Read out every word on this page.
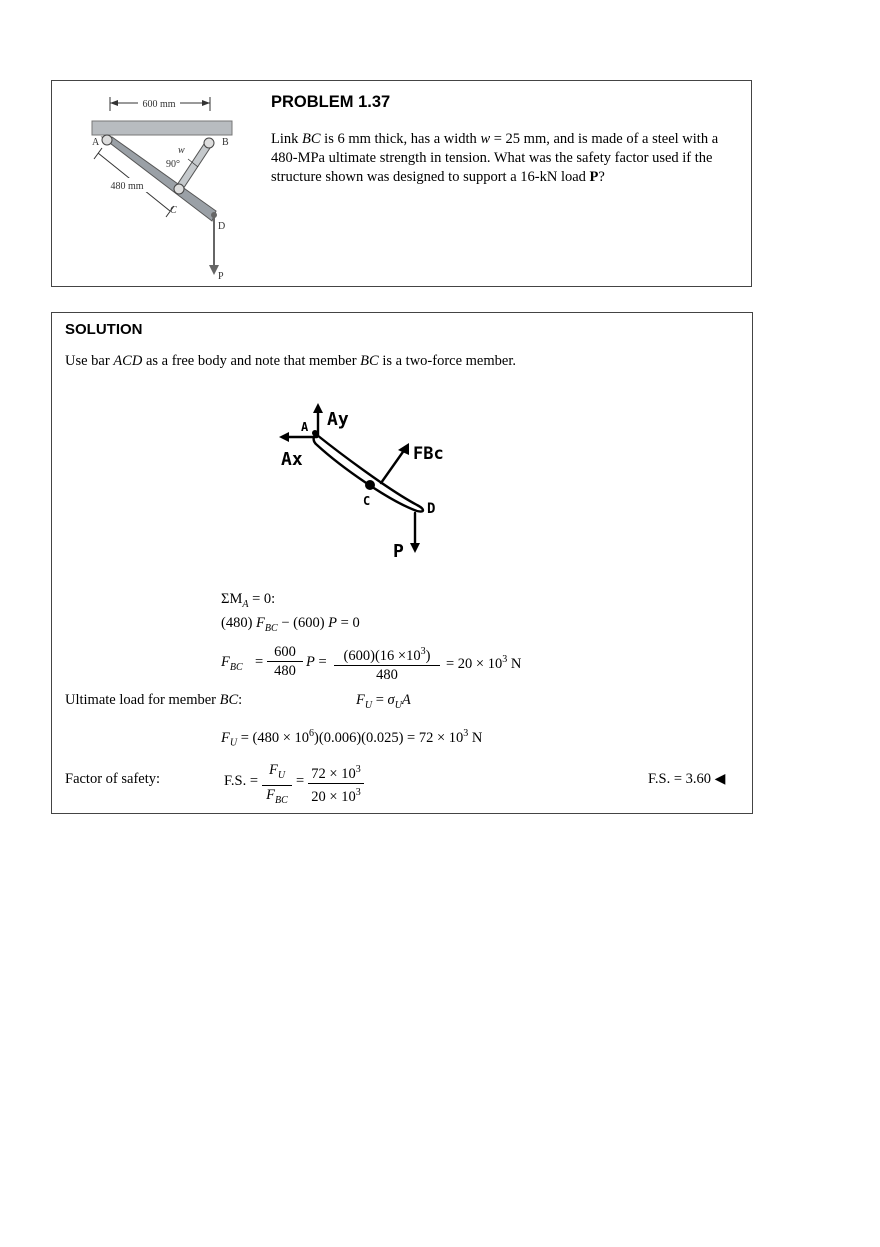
600 mm
480 mm
90°
w
A	B
C
D
P
PROBLEM 1.37
Link BC is 6 mm thick, has a width w = 25 mm, and is made of a steel with a 480-MPa ultimate strength in tension. What was the safety factor used if the structure shown was designed to support a 16-kN load P?
SOLUTION
Use bar ACD as a free body and note that member BC is a two-force member.
A Ay
Ax	FBc
C	D
P
$\Sigma M_A = 0$:
(480) $F_{BC} - (600) P = 0$
$F_{BC} = \frac{600}{480}$ $P = \frac{(600)(16 \times 10^3)}{480} = 20 \times 10^3$ N
Ultimate load for member BC:	$F_U = \sigma_UA$
$F_U = (480 \times 10^6)(0.006)(0.025) = 72 \times 10^3$ N
Factor of safety:	F.S. =
$F_U$
$F_{BC}$
= $\frac{72 \times 10^3}{20 \times 10^3}$	F.S. = 3.60 ◀
